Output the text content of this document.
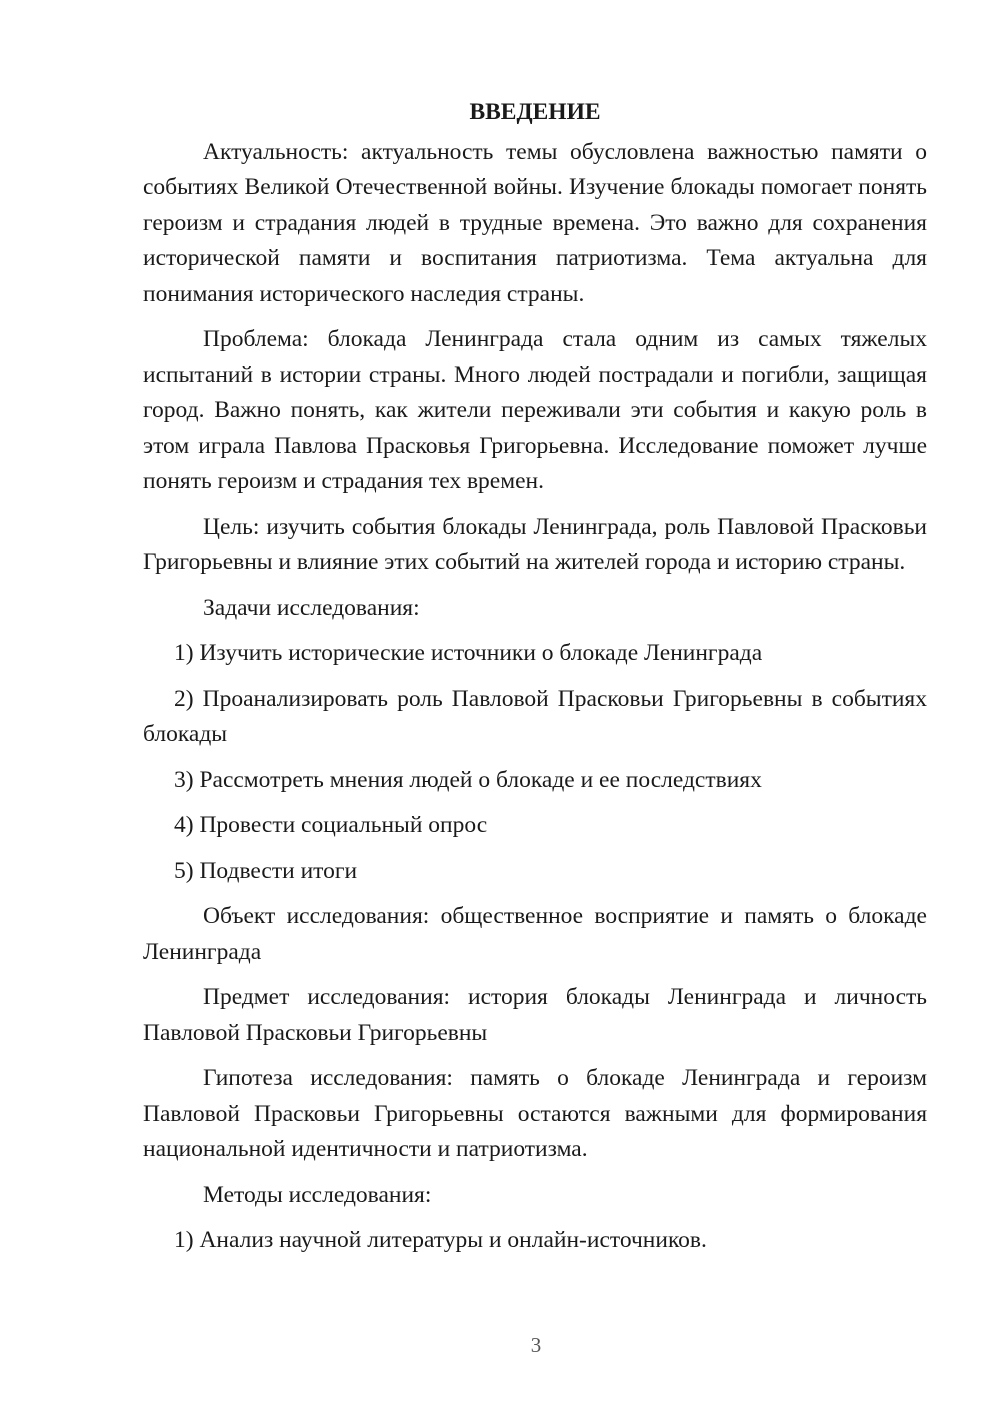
ВВЕДЕНИЕ

Актуальность: актуальность темы обусловлена важностью памяти о событиях Великой Отечественной войны. Изучение блокады помогает понять героизм и страдания людей в трудные времена. Это важно для сохранения исторической памяти и воспитания патриотизма. Тема актуальна для понимания исторического наследия страны.

Проблема: блокада Ленинграда стала одним из самых тяжелых испытаний в истории страны. Много людей пострадали и погибли, защищая город. Важно понять, как жители переживали эти события и какую роль в этом играла Павлова Прасковья Григорьевна. Исследование поможет лучше понять героизм и страдания тех времен.

Цель: изучить события блокады Ленинграда, роль Павловой Прасковьи Григорьевны и влияние этих событий на жителей города и историю страны.

Задачи исследования:

1) Изучить исторические источники о блокаде Ленинграда

2) Проанализировать роль Павловой Прасковьи Григорьевны в событиях блокады

3) Рассмотреть мнения людей о блокаде и ее последствиях

4) Провести социальный опрос

5) Подвести итоги

Объект исследования: общественное восприятие и память о блокаде Ленинграда

Предмет исследования: история блокады Ленинграда и личность Павловой Прасковьи Григорьевны

Гипотеза исследования: память о блокаде Ленинграда и героизм Павловой Прасковьи Григорьевны остаются важными для формирования национальной идентичности и патриотизма.

Методы исследования:

1) Анализ научной литературы и онлайн-источников.

3
